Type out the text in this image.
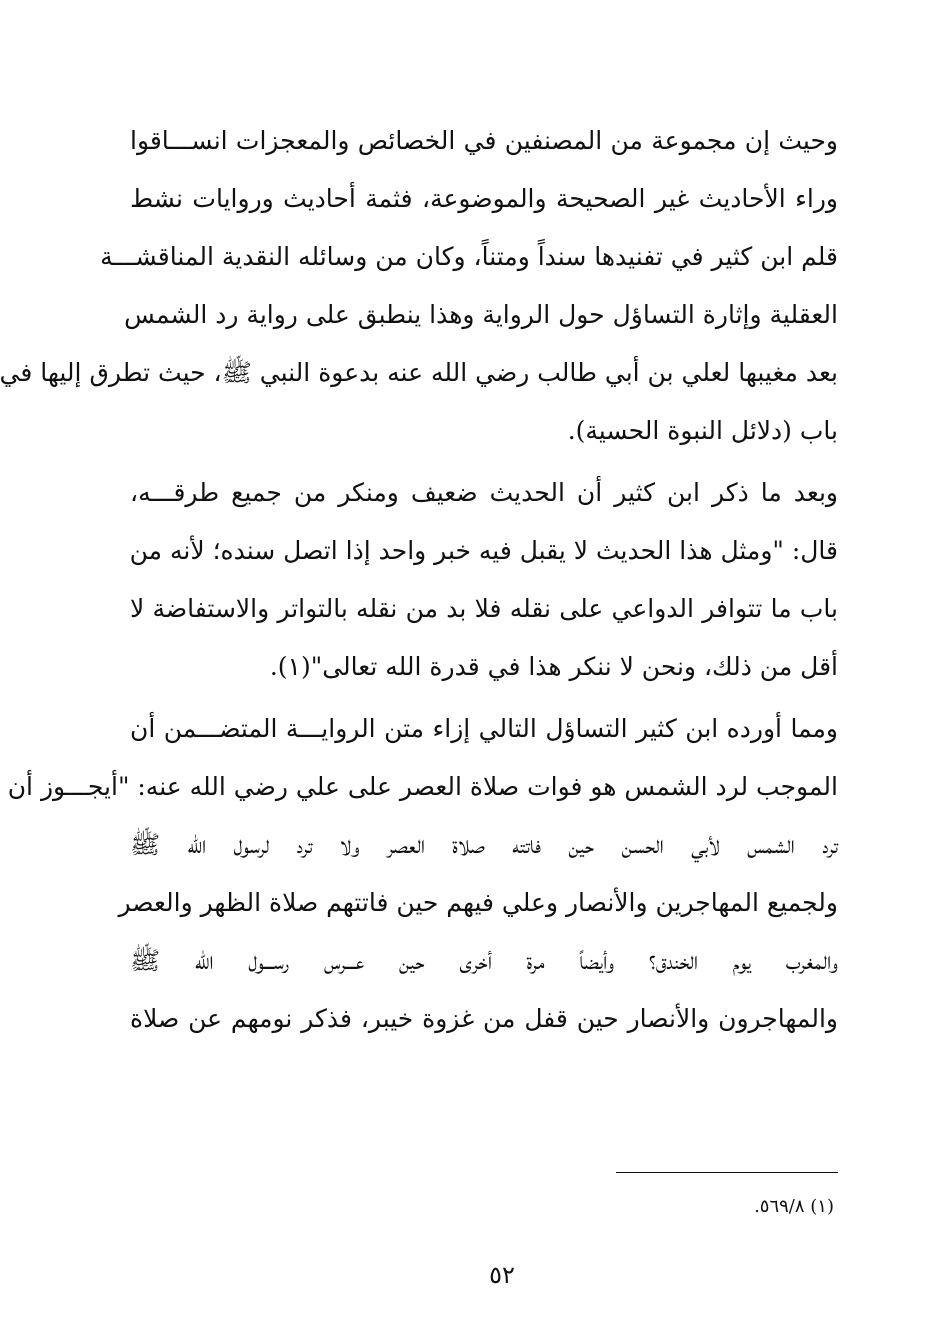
وحيث إن مجموعة من المصنفين في الخصائص والمعجزات انســـاقوا
وراء الأحاديث غير الصحيحة والموضوعة، فثمة أحاديث وروايات نشط
قلم ابن كثير في تفنيدها سنداً ومتناً، وكان من وسائله النقدية المناقشـــة
العقلية وإثارة التساؤل حول الرواية وهذا ينطبق على رواية رد الشمس
بعد مغيبها لعلي بن أبي طالب رضي الله عنه بدعوة النبي ﷺ، حيث تطرق إليها في
باب (دلائل النبوة الحسية).

وبعد ما ذكر ابن كثير أن الحديث ضعيف ومنكر من جميع طرقـــه،
قال: "ومثل هذا الحديث لا يقبل فيه خبر واحد إذا اتصل سنده؛ لأنه من
باب ما تتوافر الدواعي على نقله فلا بد من نقله بالتواتر والاستفاضة لا
أقل من ذلك، ونحن لا ننكر هذا في قدرة الله تعالى"(١).

ومما أورده ابن كثير التساؤل التالي إزاء متن الروايـــة المتضـــمن أن
الموجب لرد الشمس هو فوات صلاة العصر على علي رضي الله عنه: "أيجـــوز أن
ترد الشمس لأبي الحسن حين فاتته صلاة العصر ولا ترد لرسول الله ﷺ
ولجميع المهاجرين والأنصار وعلي فيهم حين فاتتهم صلاة الظهر والعصر
والمغرب يوم الخندق؟ وأيضاً مرة أخرى حين عـــرس رســـول الله ﷺ
والمهاجرون والأنصار حين قفل من غزوة خيبر، فذكر نومهم عن صلاة

(١) ٥٦٩/٨.
٥٢
